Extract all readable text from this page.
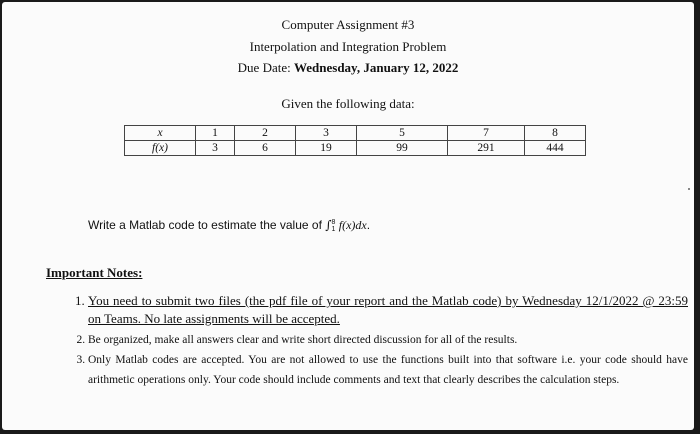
Computer Assignment #3
Interpolation and Integration Problem
Due Date: Wednesday, January 12, 2022
Given the following data:
x	1	2	3	5	7	8
f(x)	3	6	19	99	291	444
Write a Matlab code to estimate the value of ∫ 8
1 f(x)dx.
Important Notes:
1. You need to submit two files (the pdf file of your report and the Matlab code) by Wednesday 12/1/2022 @ 23:59 on Teams. No late assignments will be accepted.
2. Be organized, make all answers clear and write short directed discussion for all of the results.
3. Only Matlab codes are accepted. You are not allowed to use the functions built into that software i.e. your code should have arithmetic operations only. Your code should include comments and text that clearly describes the calculation steps.
